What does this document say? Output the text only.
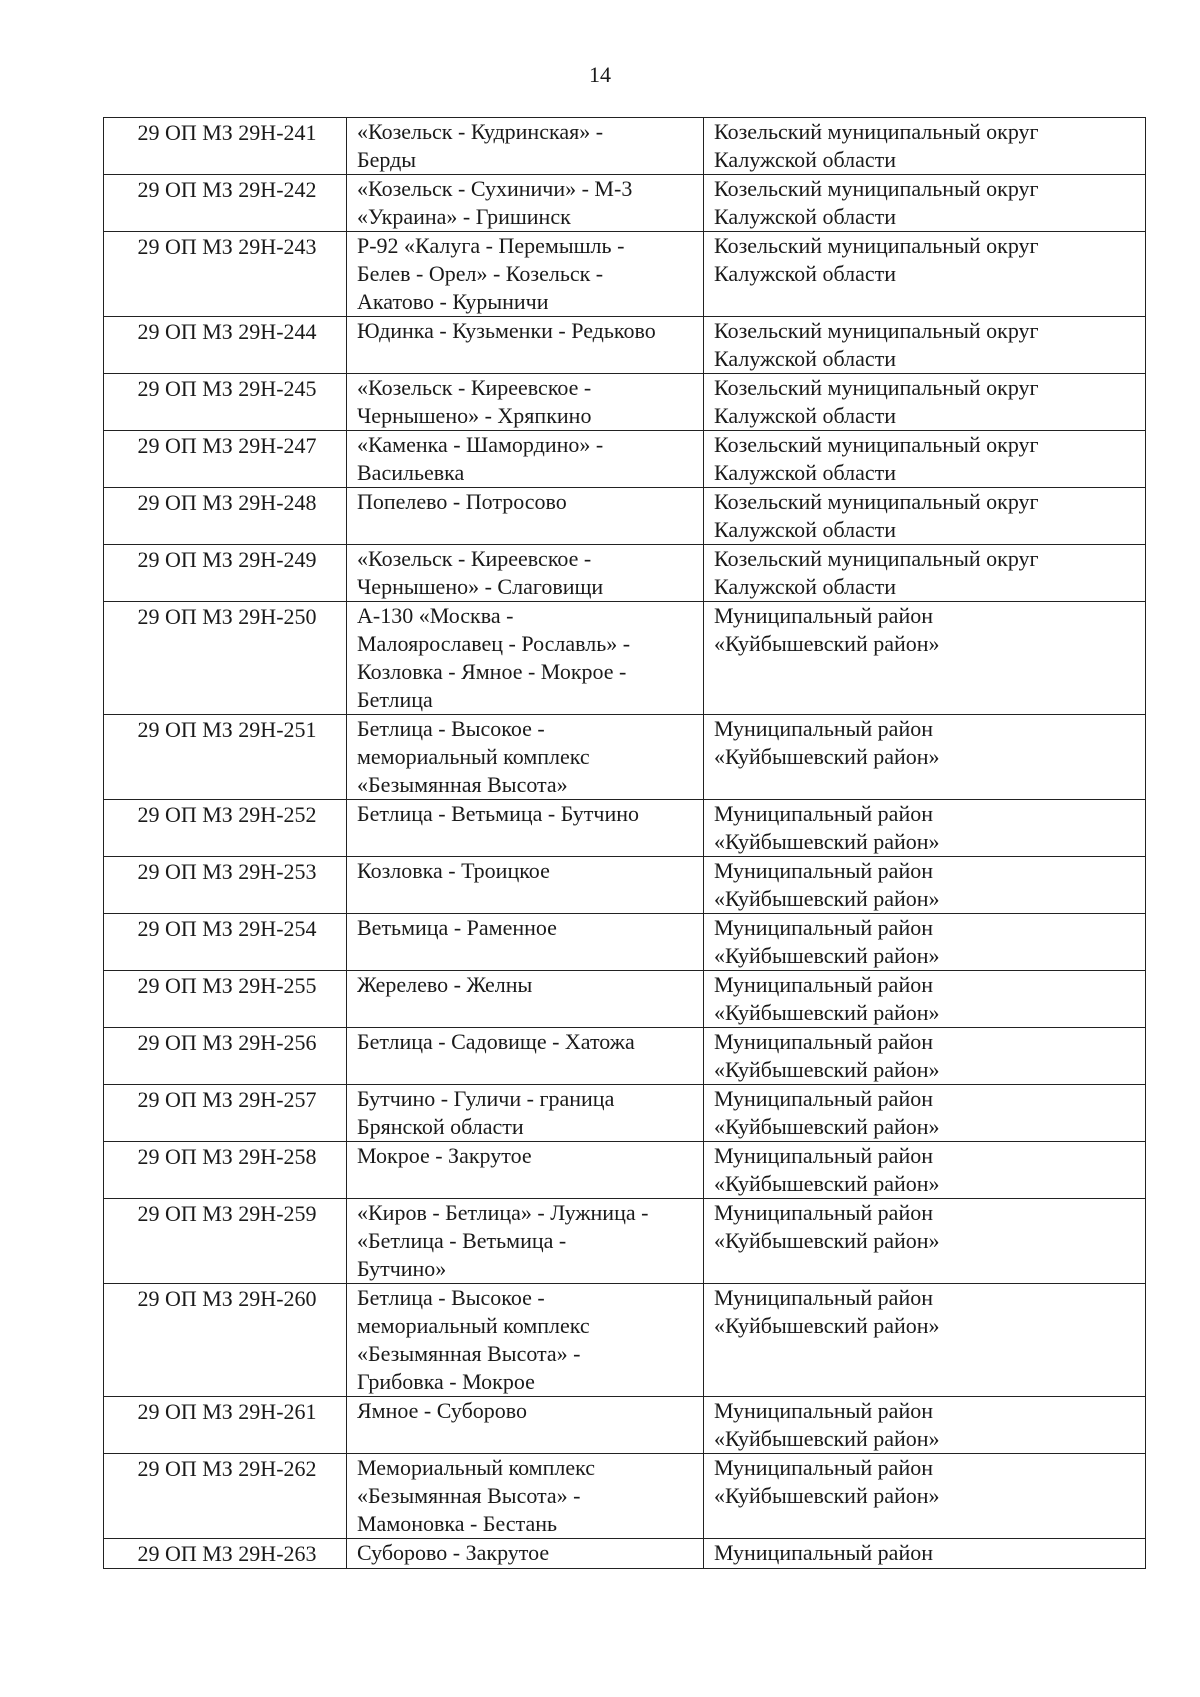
14
29 ОП МЗ 29Н-241	«Козельск - Кудринская» -
Берды	Козельский муниципальный округ
Калужской области
29 ОП МЗ 29Н-242	«Козельск - Сухиничи» - М-3
«Украина» - Гришинск	Козельский муниципальный округ
Калужской области
29 ОП МЗ 29Н-243	Р-92 «Калуга - Перемышль -
Белев - Орел» - Козельск -
Акатово - Курыничи	Козельский муниципальный округ
Калужской области
29 ОП МЗ 29Н-244	Юдинка - Кузьменки - Редьково	Козельский муниципальный округ
Калужской области
29 ОП МЗ 29Н-245	«Козельск - Киреевское -
Чернышено» - Хряпкино	Козельский муниципальный округ
Калужской области
29 ОП МЗ 29Н-247	«Каменка - Шамордино» -
Васильевка	Козельский муниципальный округ
Калужской области
29 ОП МЗ 29Н-248	Попелево - Потросово	Козельский муниципальный округ
Калужской области
29 ОП МЗ 29Н-249	«Козельск - Киреевское -
Чернышено» - Слаговищи	Козельский муниципальный округ
Калужской области
29 ОП МЗ 29Н-250	А-130 «Москва -
Малоярославец - Рославль» -
Козловка - Ямное - Мокрое -
Бетлица	Муниципальный район
«Куйбышевский район»
29 ОП МЗ 29Н-251	Бетлица - Высокое -
мемориальный комплекс
«Безымянная Высота»	Муниципальный район
«Куйбышевский район»
29 ОП МЗ 29Н-252	Бетлица - Ветьмица - Бутчино	Муниципальный район
«Куйбышевский район»
29 ОП МЗ 29Н-253	Козловка - Троицкое	Муниципальный район
«Куйбышевский район»
29 ОП МЗ 29Н-254	Ветьмица - Раменное	Муниципальный район
«Куйбышевский район»
29 ОП МЗ 29Н-255	Жерелево - Желны	Муниципальный район
«Куйбышевский район»
29 ОП МЗ 29Н-256	Бетлица - Садовище - Хатожа	Муниципальный район
«Куйбышевский район»
29 ОП МЗ 29Н-257	Бутчино - Гуличи - граница
Брянской области	Муниципальный район
«Куйбышевский район»
29 ОП МЗ 29Н-258	Мокрое - Закрутое	Муниципальный район
«Куйбышевский район»
29 ОП МЗ 29Н-259	«Киров - Бетлица» - Лужница -
«Бетлица - Ветьмица -
Бутчино»	Муниципальный район
«Куйбышевский район»
29 ОП МЗ 29Н-260	Бетлица - Высокое -
мемориальный комплекс
«Безымянная Высота» -
Грибовка - Мокрое	Муниципальный район
«Куйбышевский район»
29 ОП МЗ 29Н-261	Ямное - Суборово	Муниципальный район
«Куйбышевский район»
29 ОП МЗ 29Н-262	Мемориальный комплекс
«Безымянная Высота» -
Мамоновка - Бестань	Муниципальный район
«Куйбышевский район»
29 ОП МЗ 29Н-263	Суборово - Закрутое	Муниципальный район
